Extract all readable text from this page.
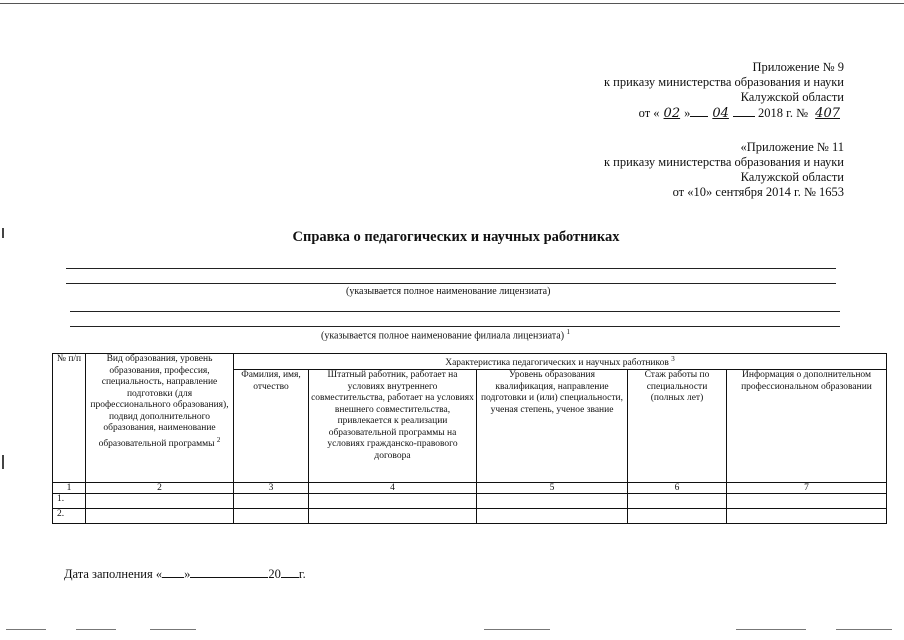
Приложение № 9
к приказу министерства образования и науки
Калужской области
от « 02 » 04 2018 г. № 407
«Приложение № 11
к приказу министерства образования и науки
Калужской области
от «10» сентября 2014 г. № 1653
Справка о педагогических и научных работниках
(указывается полное наименование лицензиата)
(указывается полное наименование филиала лицензиата) $^1$
№ п/п	Вид образования, уровень образования, профессия, специальность, направление подготовки (для профессионального образования), подвид дополнительного образования, наименование образовательной программы $^2$	Характеристика педагогических и научных работников $^3$
		Фамилия, имя, отчество	Штатный работник, работает на условиях внутреннего совместительства, работает на условиях внешнего совместительства, привлекается к реализации образовательной программы на условиях гражданско-правового договора	Уровень образования квалификация, направление подготовки и (или) специальности, ученая степень, ученое звание	Стаж работы по специальности (полных лет)	Информация о дополнительном профессиональном образовании
1	2	3	4	5	6	7
1.						
2.						
Дата заполнения « »	20 г.
